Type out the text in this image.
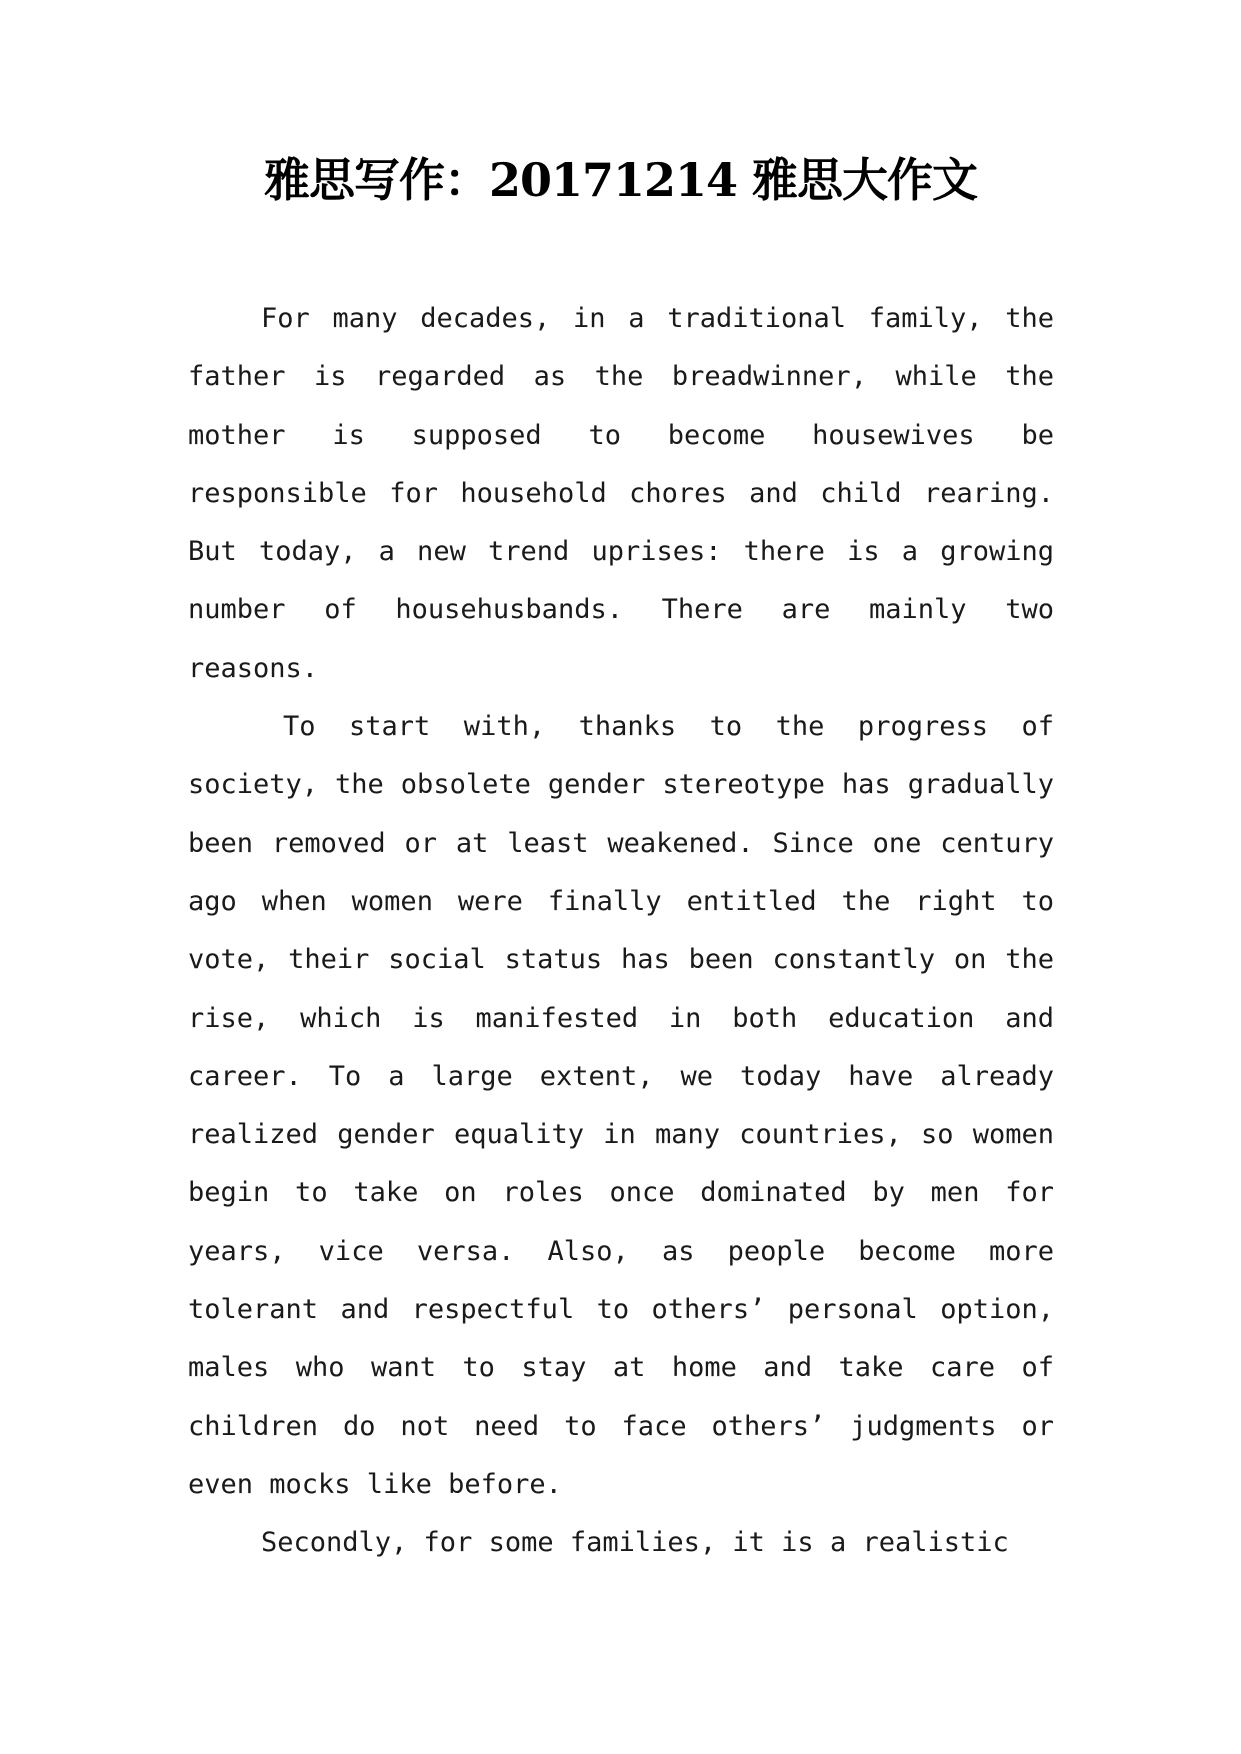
雅思写作：20171214 雅思大作文

For many decades, in a traditional family, the father is regarded as the breadwinner, while the mother is supposed to become housewives be responsible for household chores and child rearing. But today, a new trend uprises: there is a growing number of househusbands. There are mainly two reasons.

To start with, thanks to the progress of society, the obsolete gender stereotype has gradually been removed or at least weakened. Since one century ago when women were finally entitled the right to vote, their social status has been constantly on the rise, which is manifested in both education and career. To a large extent, we today have already realized gender equality in many countries, so women begin to take on roles once dominated by men for years, vice versa. Also, as people become more tolerant and respectful to others’ personal option, males who want to stay at home and take care of children do not need to face others’ judgments or even mocks like before.

Secondly, for some families, it is a realistic
